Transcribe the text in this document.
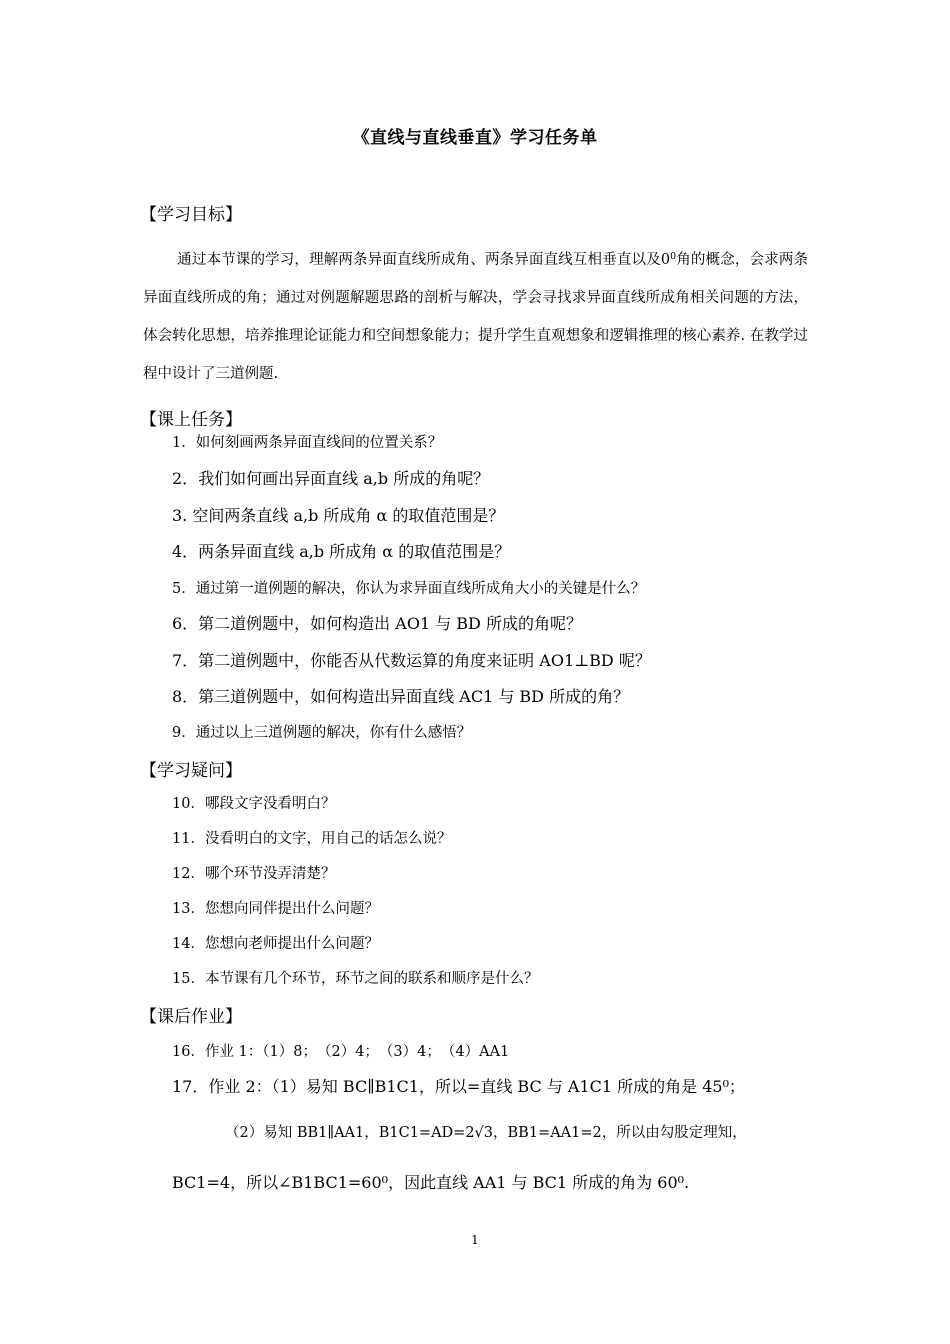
《直线与直线垂直》学习任务单
【学习目标】
通过本节课的学习，理解两条异面直线所成角、两条异面直线互相垂直以及$0^0$角的概念，会求两条异面直线所成的角；通过对例题解题思路的剖析与解决，学会寻找求异面直线所成角相关问题的方法，体会转化思想，培养推理论证能力和空间想象能力；提升学生直观想象和逻辑推理的核心素养. 在教学过程中设计了三道例题.
【课上任务】
1．如何刻画两条异面直线间的位置关系？
2．我们如何画出异面直线 a,b 所成的角呢？
3. 空间两条直线 a,b 所成角 α 的取值范围是？
4．两条异面直线 a,b 所成角 α 的取值范围是？
5．通过第一道例题的解决，你认为求异面直线所成角大小的关键是什么？
6．第二道例题中，如何构造出 AO1 与 BD 所成的角呢？
7．第二道例题中，你能否从代数运算的角度来证明 AO1⊥BD 呢？
8．第三道例题中，如何构造出异面直线 AC1 与 BD 所成的角？
9．通过以上三道例题的解决，你有什么感悟？
【学习疑问】
10．哪段文字没看明白？
11．没看明白的文字，用自己的话怎么说？
12．哪个环节没弄清楚？
13．您想向同伴提出什么问题？
14．您想向老师提出什么问题？
15．本节课有几个环节，环节之间的联系和顺序是什么？
【课后作业】
16．作业 1：（1）8；　（2）4；　（3）4；　（4）AA1
17．作业 2：（1）易知 BC∥B1C1，所以=直线 BC 与 A1C1 所成的角是 45⁰；
（2）易知 BB1∥AA1，B1C1=AD=2√3，BB1=AA1=2，所以由勾股定理知，
BC1=4，所以∠B1BC1=60⁰，因此直线 AA1 与 BC1 所成的角为 60⁰.
1
